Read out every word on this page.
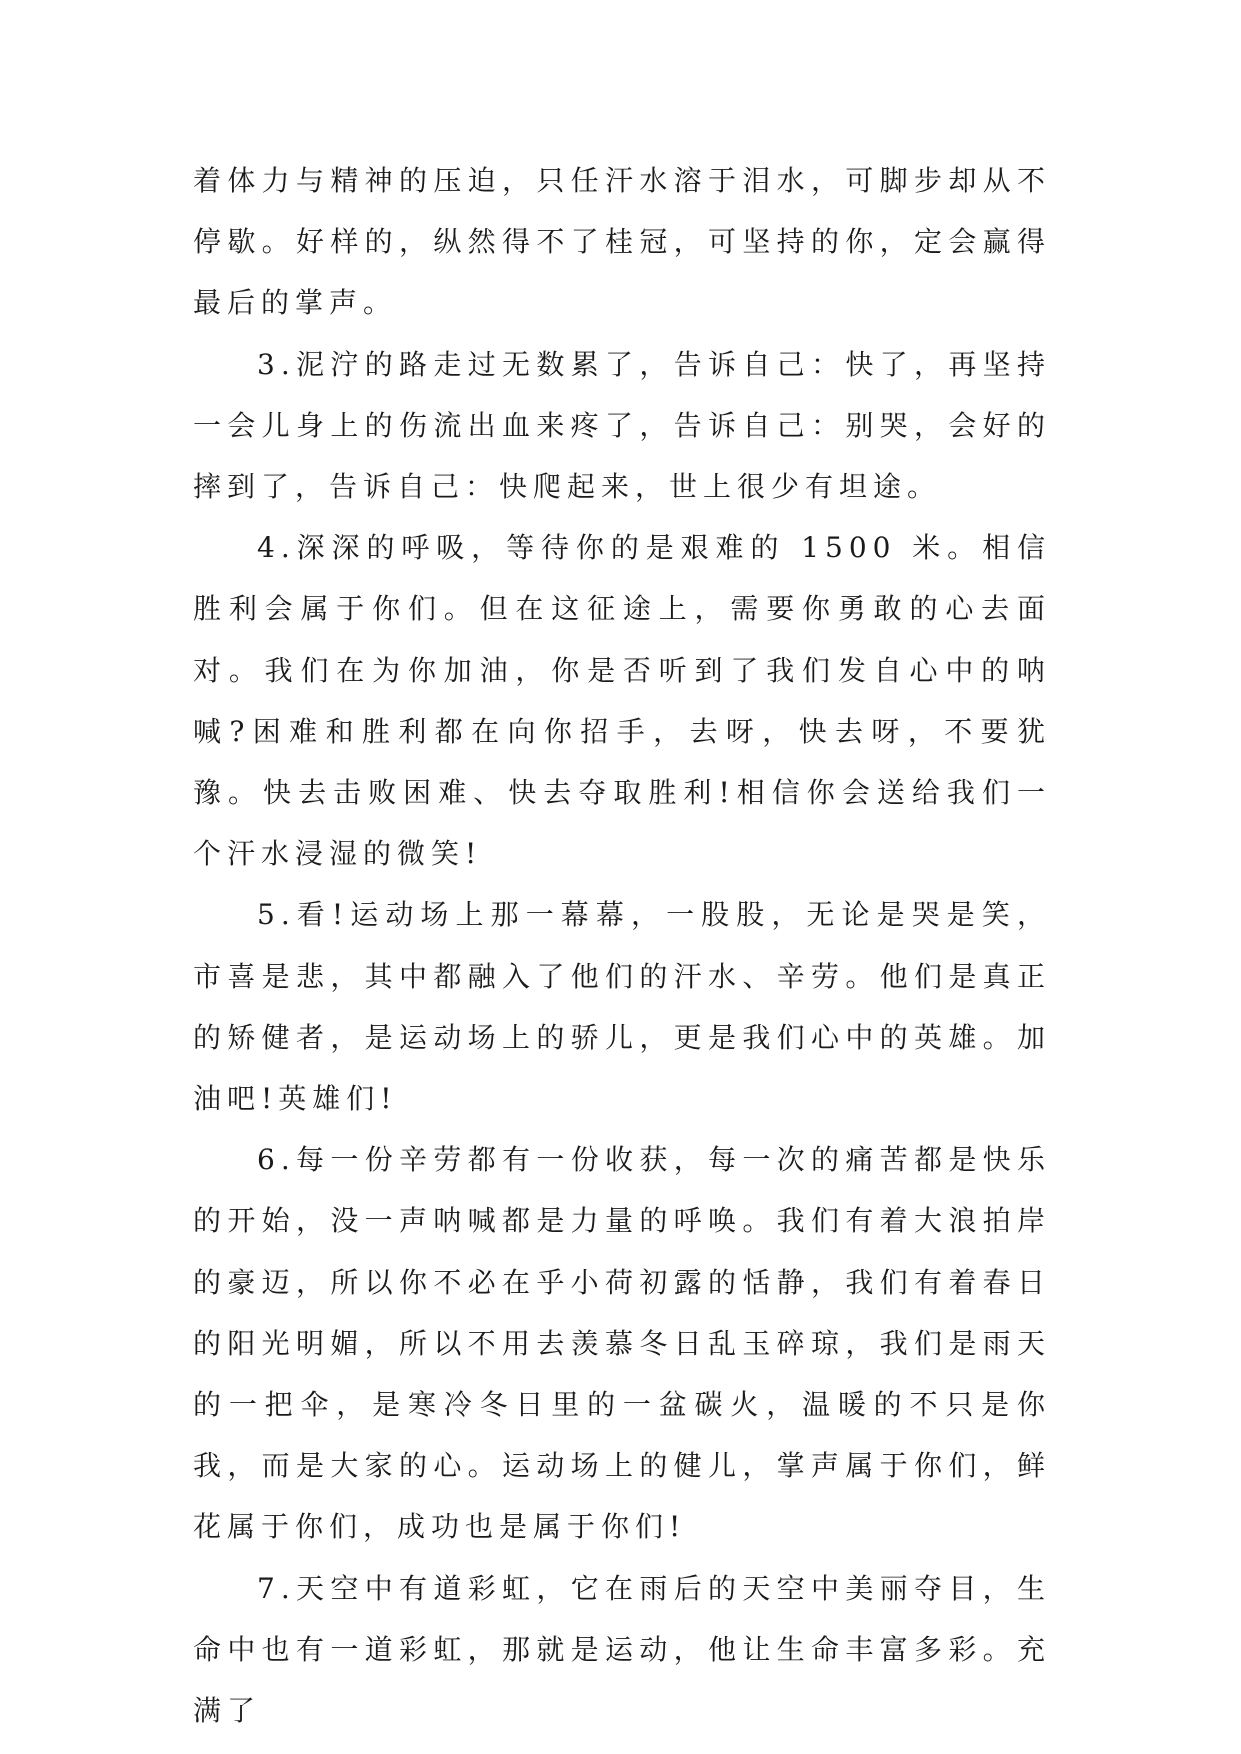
着体力与精神的压迫，只任汗水溶于泪水，可脚步却从不停歇。好样的，纵然得不了桂冠，可坚持的你，定会赢得最后的掌声。

3.泥泞的路走过无数累了，告诉自己：快了，再坚持一会儿身上的伤流出血来疼了，告诉自己：别哭，会好的摔到了，告诉自己：快爬起来，世上很少有坦途。

4.深深的呼吸，等待你的是艰难的 1500 米。相信胜利会属于你们。但在这征途上，需要你勇敢的心去面对。我们在为你加油，你是否听到了我们发自心中的呐喊?困难和胜利都在向你招手，去呀，快去呀，不要犹豫。快去击败困难、快去夺取胜利!相信你会送给我们一个汗水浸湿的微笑!

5.看!运动场上那一幕幕，一股股，无论是哭是笑，市喜是悲，其中都融入了他们的汗水、辛劳。他们是真正的矫健者，是运动场上的骄儿，更是我们心中的英雄。加油吧!英雄们!

6.每一份辛劳都有一份收获，每一次的痛苦都是快乐的开始，没一声呐喊都是力量的呼唤。我们有着大浪拍岸的豪迈，所以你不必在乎小荷初露的恬静，我们有着春日的阳光明媚，所以不用去羡慕冬日乱玉碎琼，我们是雨天的一把伞，是寒冷冬日里的一盆碳火，温暖的不只是你我，而是大家的心。运动场上的健儿，掌声属于你们，鲜花属于你们，成功也是属于你们!

7.天空中有道彩虹，它在雨后的天空中美丽夺目，生命中也有一道彩虹，那就是运动，他让生命丰富多彩。充满了
